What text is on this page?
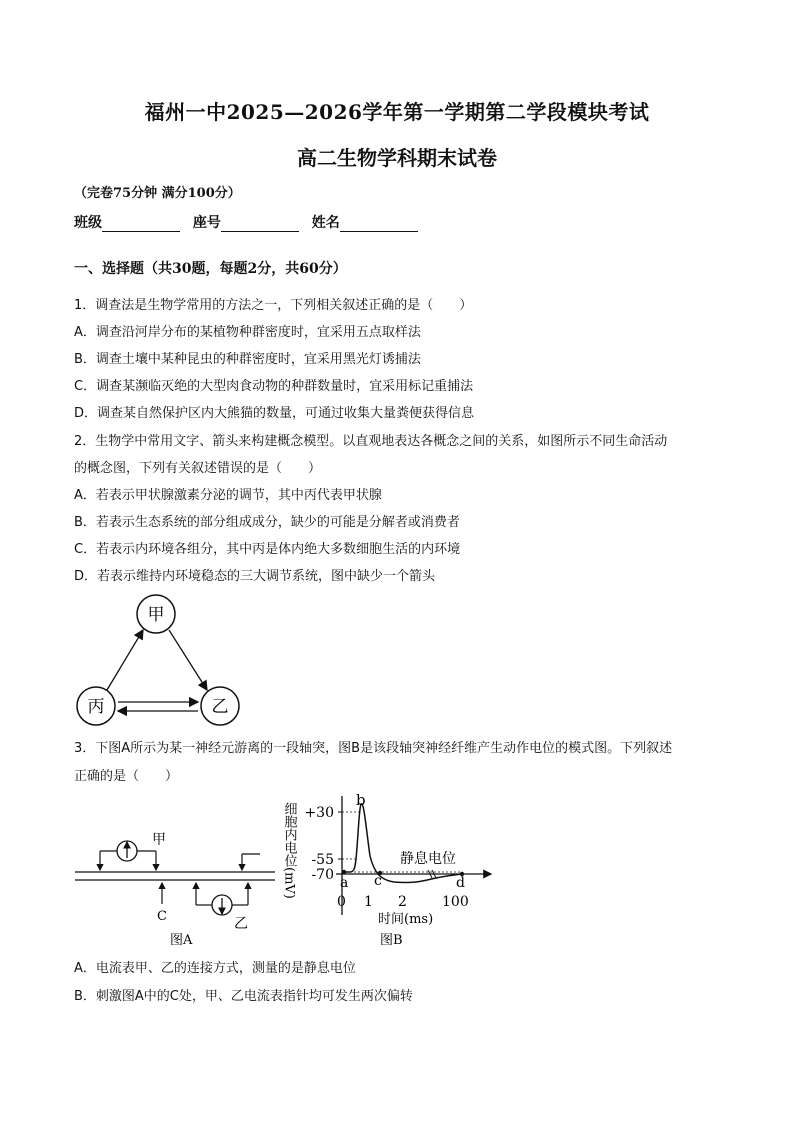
福州一中2025—2026学年第一学期第二学段模块考试
高二生物学科期末试卷
（完卷75分钟 满分100分）
班级	座号	姓名
一、选择题（共30题，每题2分，共60分）
1．调查法是生物学常用的方法之一，下列相关叙述正确的是（　　）
A．调查沿河岸分布的某植物种群密度时，宜采用五点取样法
B．调查土壤中某种昆虫的种群密度时，宜采用黑光灯诱捕法
C．调查某濒临灭绝的大型肉食动物的种群数量时，宜采用标记重捕法
D．调查某自然保护区内大熊猫的数量，可通过收集大量粪便获得信息
2．生物学中常用文字、箭头来构建概念模型。以直观地表达各概念之间的关系，如图所示不同生命活动
的概念图，下列有关叙述错误的是（　　）
A．若表示甲状腺激素分泌的调节，其中丙代表甲状腺
B．若表示生态系统的部分组成成分，缺少的可能是分解者或消费者
C．若表示内环境各组分，其中丙是体内绝大多数细胞生活的内环境
D．若表示维持内环境稳态的三大调节系统，图中缺少一个箭头
甲
丙	乙
3．下图A所示为某一神经元游离的一段轴突，图B是该段轴突神经纤维产生动作电位的模式图。下列叙述
正确的是（　　）
甲
乙
C
图A
细胞内电位(mV) +30
-55
-70 a
b
c	d
静息电位
0 1 2	100
时间(ms)
图B
A．电流表甲、乙的连接方式，测量的是静息电位
B．刺激图A中的C处，甲、乙电流表指针均可发生两次偏转
